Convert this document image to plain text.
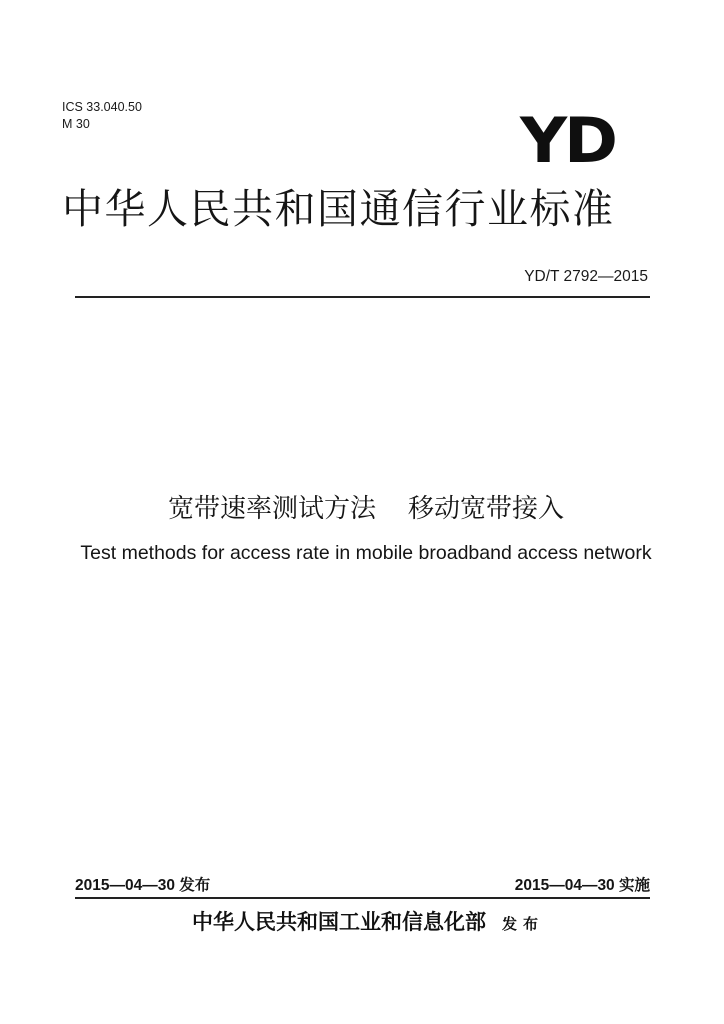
ICS 33.040.50
M 30	YD
中华人民共和国通信行业标准
YD/T 2792—2015
宽带速率测试方法 移动宽带接入
Test methods for access rate in mobile broadband access network
2015—04—30 发布	2015—04—30 实施
中华人民共和国工业和信息化部 发布
